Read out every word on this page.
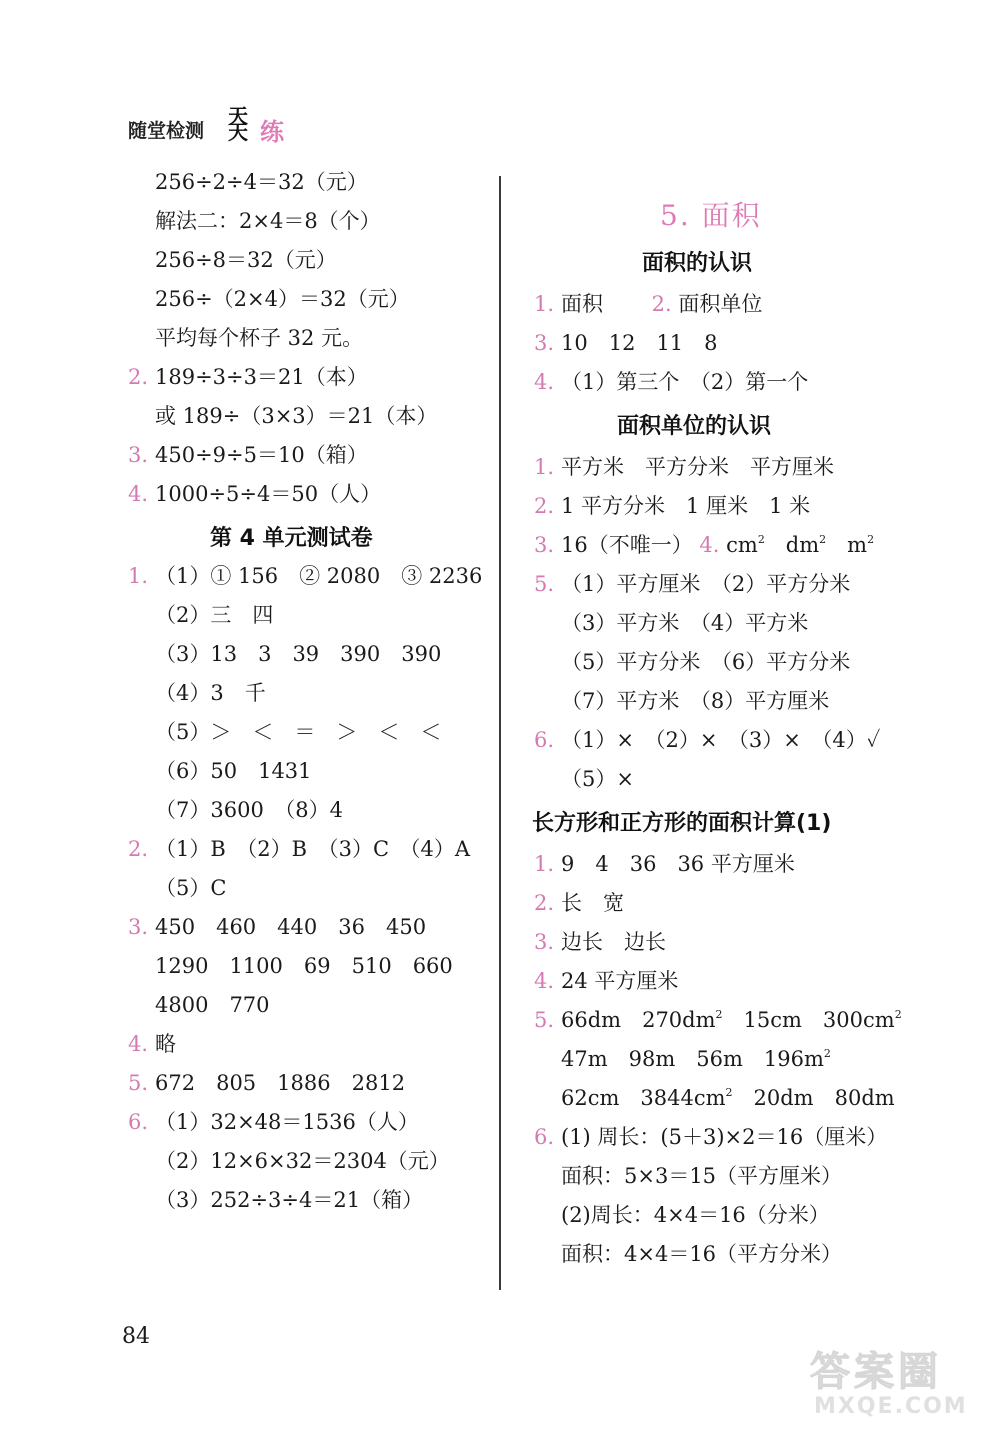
随堂检测
天天 练
256÷2÷4＝32（元）
解法二：2×4＝8（个）
256÷8＝32（元）
256÷（2×4）＝32（元）
平均每个杯子 32 元。
2. 189÷3÷3＝21（本）
或 189÷（3×3）＝21（本）
3. 450÷9÷5＝10（箱）
4. 1000÷5÷4＝50（人）
第 4 单元测试卷
1. （1）① 156　② 2080　③ 2236
（2）三　四
（3）13　3　39　390　390
（4）3　千
（5）＞　＜　＝　＞　＜　＜
（6）50　1431
（7）3600　（8）4
2. （1）B　（2）B　（3）C　（4）A
（5）C
3. 450　460　440　36　450
1290　1100　69　510　660
4800　770
4. 略
5. 672　805　1886　2812
6. （1）32×48＝1536（人）
（2）12×6×32＝2304（元）
（3）252÷3÷4＝21（箱）
5. 面积
面积的认识
1. 面积　　 2. 面积单位
3. 10　12　11　8
4. （1）第三个　（2）第一个
面积单位的认识
1. 平方米　平方分米　平方厘米
2. 1 平方分米　1 厘米　1 米
3. 16（不唯一） 4. $cm^2$　$dm^2$　$m^2$
5. （1）平方厘米　（2）平方分米
（3）平方米　（4）平方米
（5）平方分米　（6）平方分米
（7）平方米　（8）平方厘米
6. （1）×　（2）×　（3）×　（4）✓
（5）×
长方形和正方形的面积计算(1)
1. 9　4　36　36 平方厘米
2. 长　宽
3. 边长　边长
4. 24 平方厘米
5. 66dm　$270dm^2$　15cm　$300cm^2$
47m　98m　56m　$196m^2$
62cm　$3844cm^2$　20dm　80dm
6. (1) 周长：(5＋3)×2＝16（厘米）
面积：5×3＝15（平方厘米）
(2)周长：4×4＝16（分米）
面积：4×4＝16（平方分米）
84
答案圈
MXQE.COM
